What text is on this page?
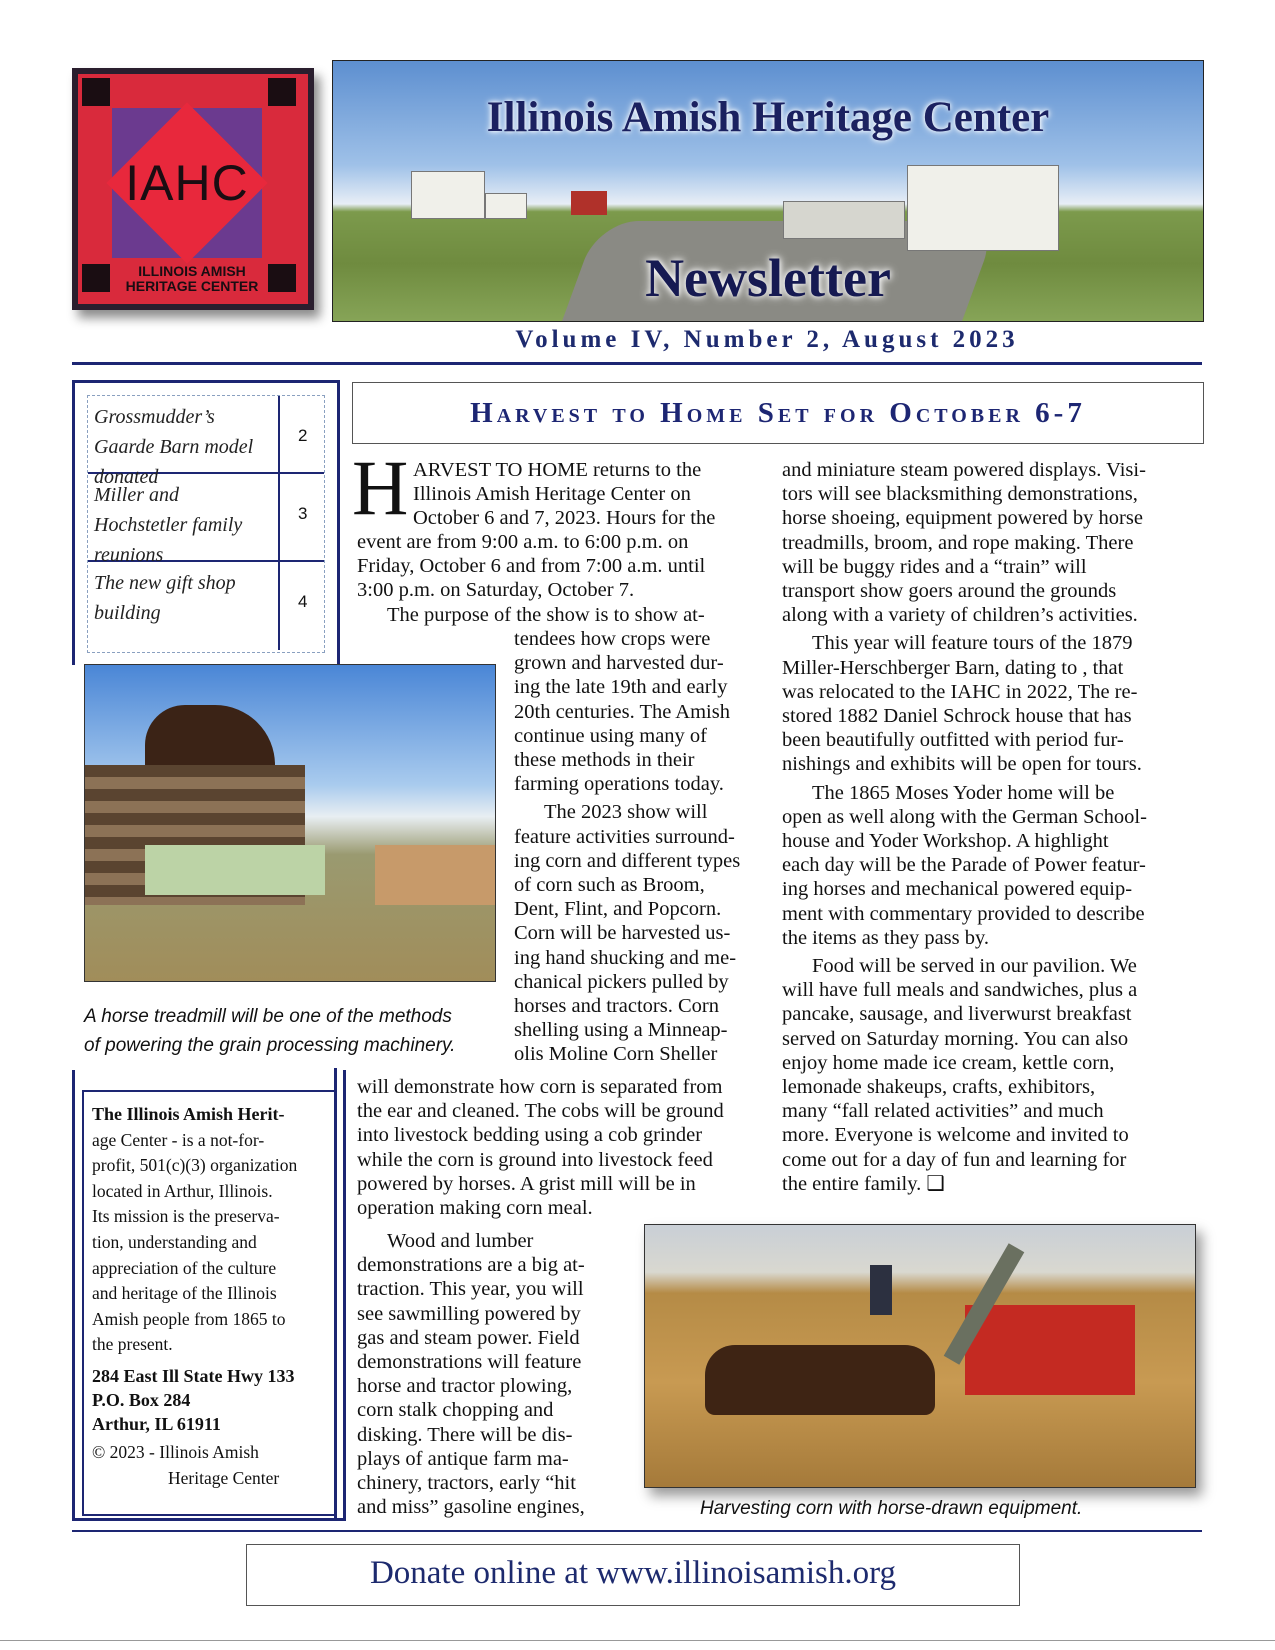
IAHC
ILLINOIS AMISH HERITAGE CENTER
Illinois Amish Heritage Center
Newsletter
Volume IV, Number 2, August 2023
Grossmudder’s Gaarde Barn model donated
2
Miller and Hochstetler family reunions
3
The new gift shop building
4
Harvest to Home Set for October 6-7
H ARVEST TO HOME returns to the

Illinois Amish Heritage Center on

October 6 and 7, 2023. Hours for the

event are from 9:00 a.m. to 6:00 p.m. on

Friday, October 6 and from 7:00 a.m. until

3:00 p.m. on Saturday, October 7.

The purpose of the show is to show at-

tendees how crops were

grown and harvested dur-

ing the late 19th and early

20th centuries. The Amish

continue using many of

these methods in their

farming operations today.

The 2023 show will

feature activities surround-

ing corn and different types

of corn such as Broom,

Dent, Flint, and Popcorn.

Corn will be harvested us-

ing hand shucking and me-

chanical pickers pulled by

horses and tractors. Corn

shelling using a Minneap-

olis Moline Corn Sheller

will demonstrate how corn is separated from

the ear and cleaned. The cobs will be ground

into livestock bedding using a cob grinder

while the corn is ground into livestock feed

powered by horses. A grist mill will be in

operation making corn meal.

Wood and lumber

demonstrations are a big at-

traction. This year, you will

see sawmilling powered by

gas and steam power. Field

demonstrations will feature

horse and tractor plowing,

corn stalk chopping and

disking. There will be dis-

plays of antique farm ma-

chinery, tractors, early “hit

and miss” gasoline engines,

and miniature steam powered displays. Visi-

tors will see blacksmithing demonstrations,

horse shoeing, equipment powered by horse

treadmills, broom, and rope making. There

will be buggy rides and a “train” will

transport show goers around the grounds

along with a variety of children’s activities.

This year will feature tours of the 1879

Miller-Herschberger Barn, dating to , that

was relocated to the IAHC in 2022, The re-

stored 1882 Daniel Schrock house that has

been beautifully outfitted with period fur-

nishings and exhibits will be open for tours.

The 1865 Moses Yoder home will be

open as well along with the German School-

house and Yoder Workshop. A highlight

each day will be the Parade of Power featur-

ing horses and mechanical powered equip-

ment with commentary provided to describe

the items as they pass by.

Food will be served in our pavilion. We

will have full meals and sandwiches, plus a

pancake, sausage, and liverwurst breakfast

served on Saturday morning. You can also

enjoy home made ice cream, kettle corn,

lemonade shakeups, crafts, exhibitors,

many “fall related activities” and much

more. Everyone is welcome and invited to

come out for a day of fun and learning for

the entire family. ❑

A horse treadmill will be one of the methods
of powering the grain processing machinery.
The Illinois Amish Herit-
age Center - is a not-for-
profit, 501(c)(3) organization
located in Arthur, Illinois.
Its mission is the preserva-
tion, understanding and
appreciation of the culture
and heritage of the Illinois
Amish people from 1865 to
the present.
284 East Ill State Hwy 133
P.O. Box 284
Arthur, IL 61911
© 2023 - Illinois Amish
Heritage Center
Harvesting corn with horse-drawn equipment.
Donate online at www.illinoisamish.org
